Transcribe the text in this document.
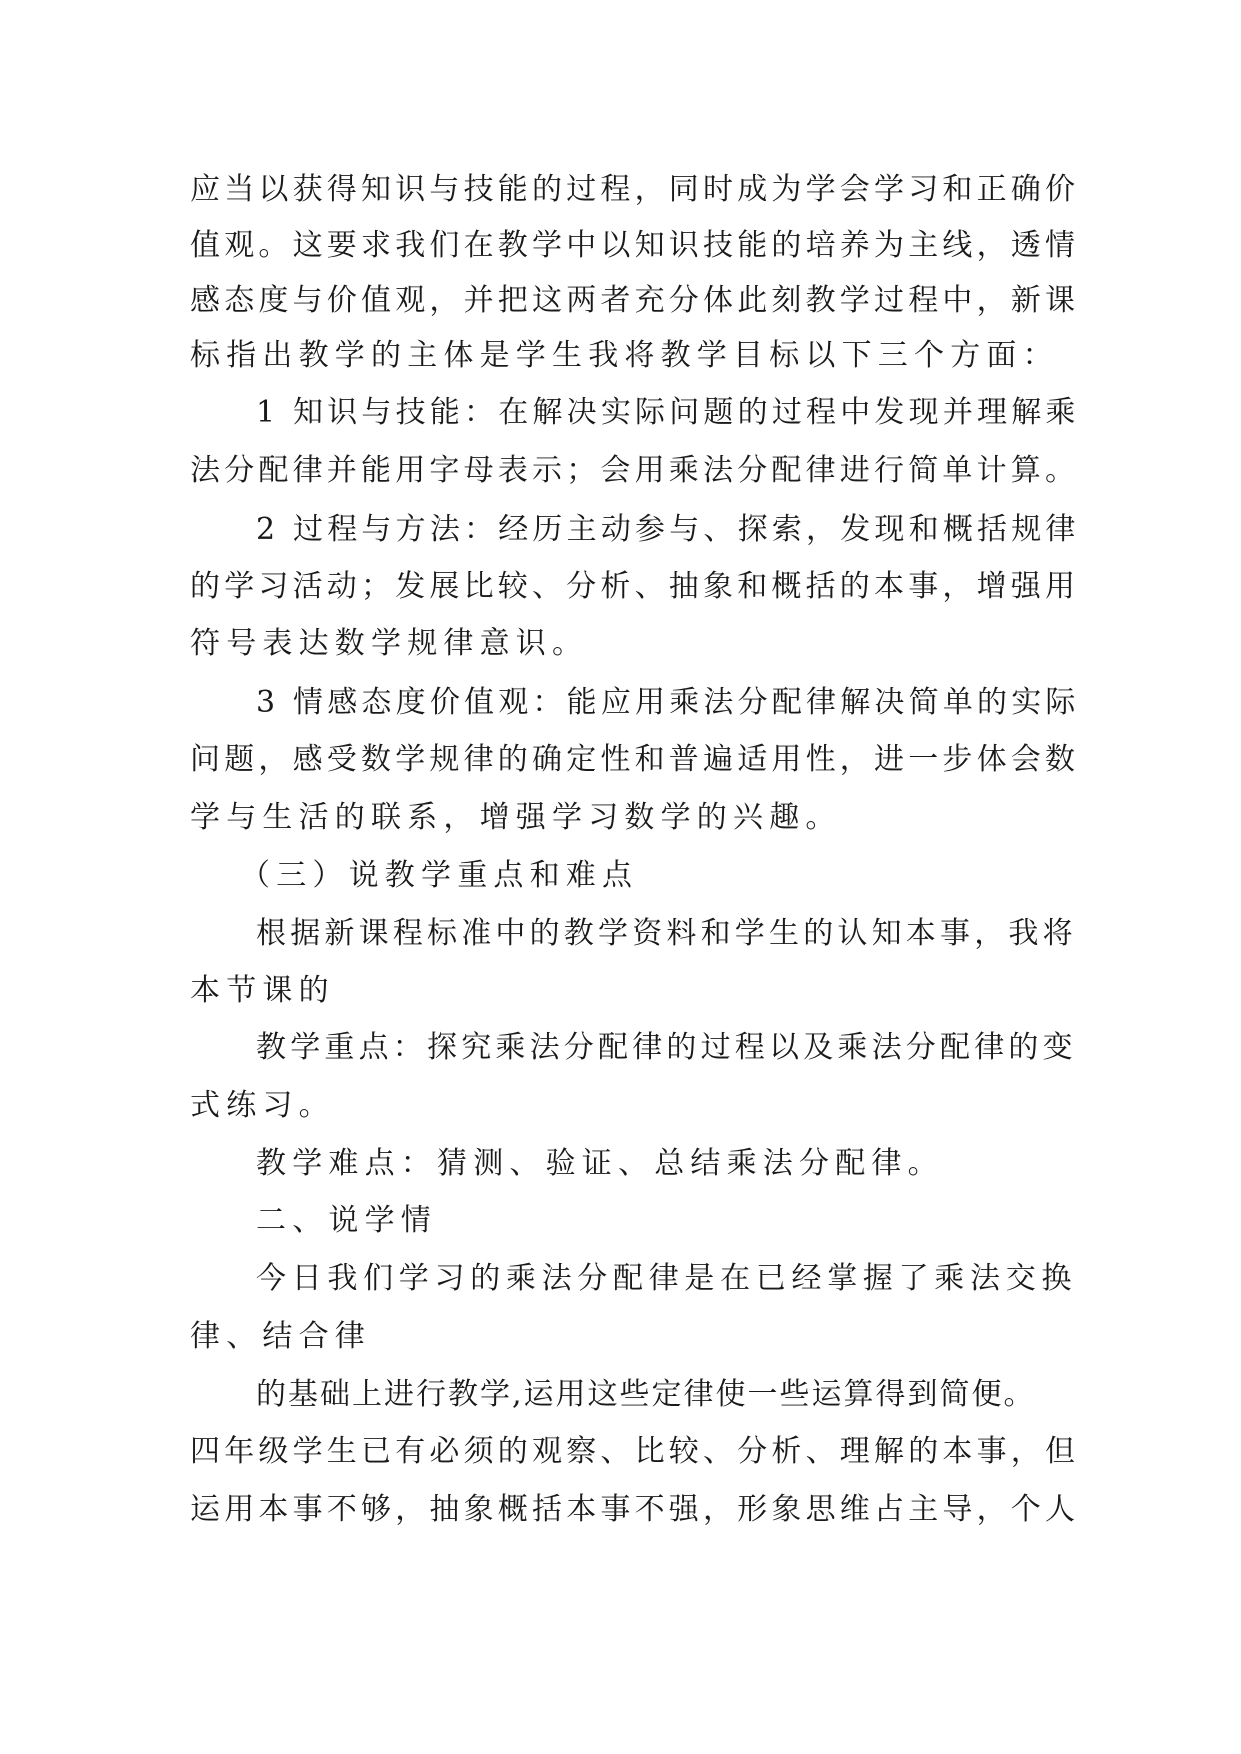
应当以获得知识与技能的过程，同时成为学会学习和正确价
值观。这要求我们在教学中以知识技能的培养为主线，透情
感态度与价值观，并把这两者充分体此刻教学过程中，新课
标指出教学的主体是学生我将教学目标以下三个方面：
1 知识与技能：在解决实际问题的过程中发现并理解乘
法分配律并能用字母表示；会用乘法分配律进行简单计算。
2 过程与方法：经历主动参与、探索，发现和概括规律
的学习活动；发展比较、分析、抽象和概括的本事，增强用
符号表达数学规律意识。
3 情感态度价值观：能应用乘法分配律解决简单的实际
问题，感受数学规律的确定性和普遍适用性，进一步体会数
学与生活的联系，增强学习数学的兴趣。
（三）说教学重点和难点
根据新课程标准中的教学资料和学生的认知本事，我将
本节课的
教学重点：探究乘法分配律的过程以及乘法分配律的变
式练习。
教学难点：猜测、验证、总结乘法分配律。
二、说学情
今日我们学习的乘法分配律是在已经掌握了乘法交换
律、结合律
的基础上进行教学,运用这些定律使一些运算得到简便。
四年级学生已有必须的观察、比较、分析、理解的本事，但
运用本事不够，抽象概括本事不强，形象思维占主导，个人
